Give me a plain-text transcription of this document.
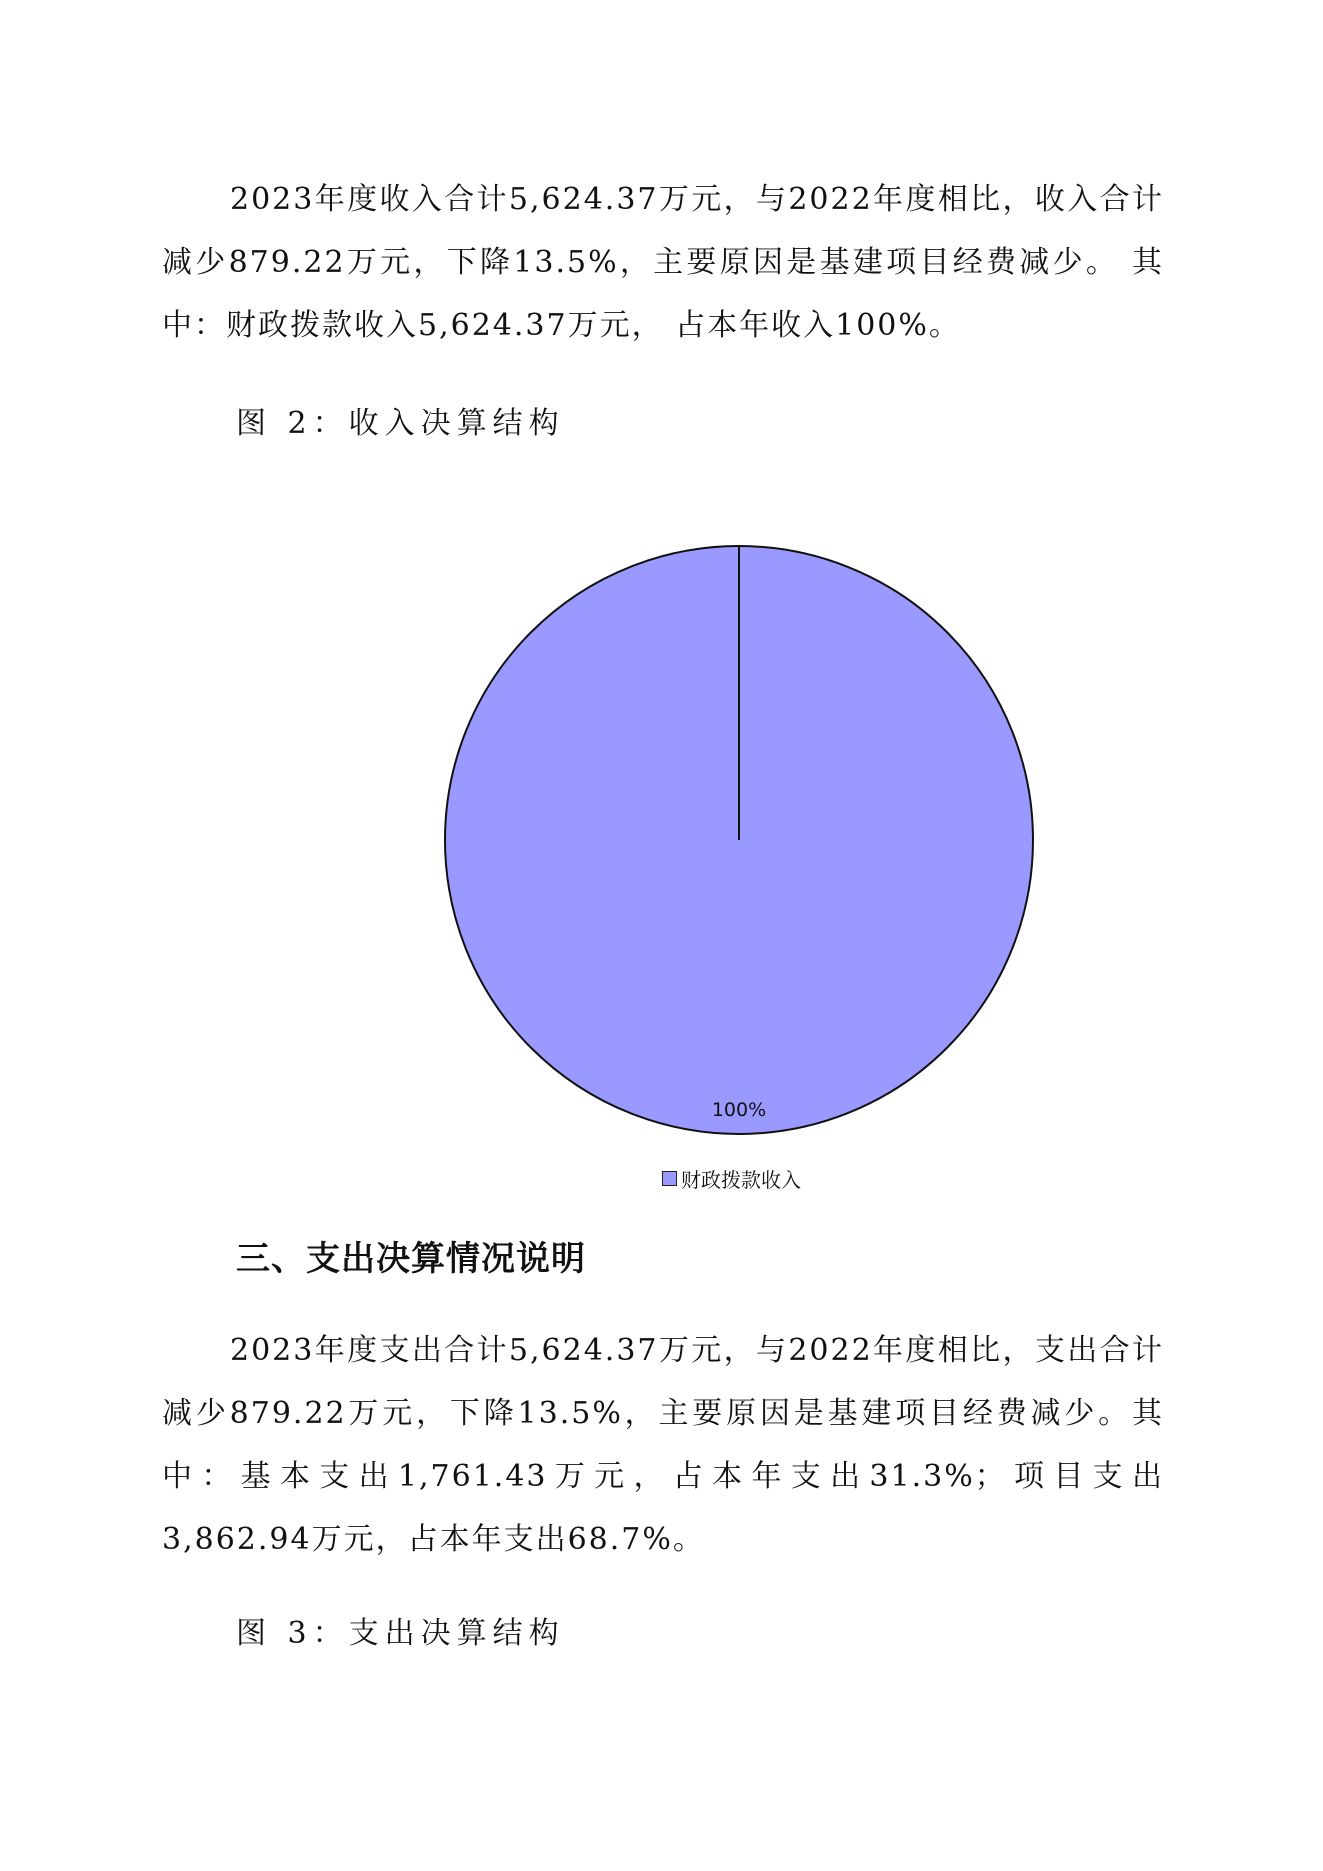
2023年度收入合计5,624.37万元，与2022年度相比，收入合计减少879.22万元，下降13.5%，主要原因是基建项目经费减少。 其中：财政拨款收入5,624.37万元， 占本年收入100%。
图 2：收入决算结构
100%
财政拨款收入
三、支出决算情况说明
2023年度支出合计5,624.37万元，与2022年度相比，支出合计减少879.22万元，下降13.5%，主要原因是基建项目经费减少。其中：基本支出1,761.43万元，占本年支出31.3%；项目支出3,862.94万元，占本年支出68.7%。
图 3：支出决算结构
